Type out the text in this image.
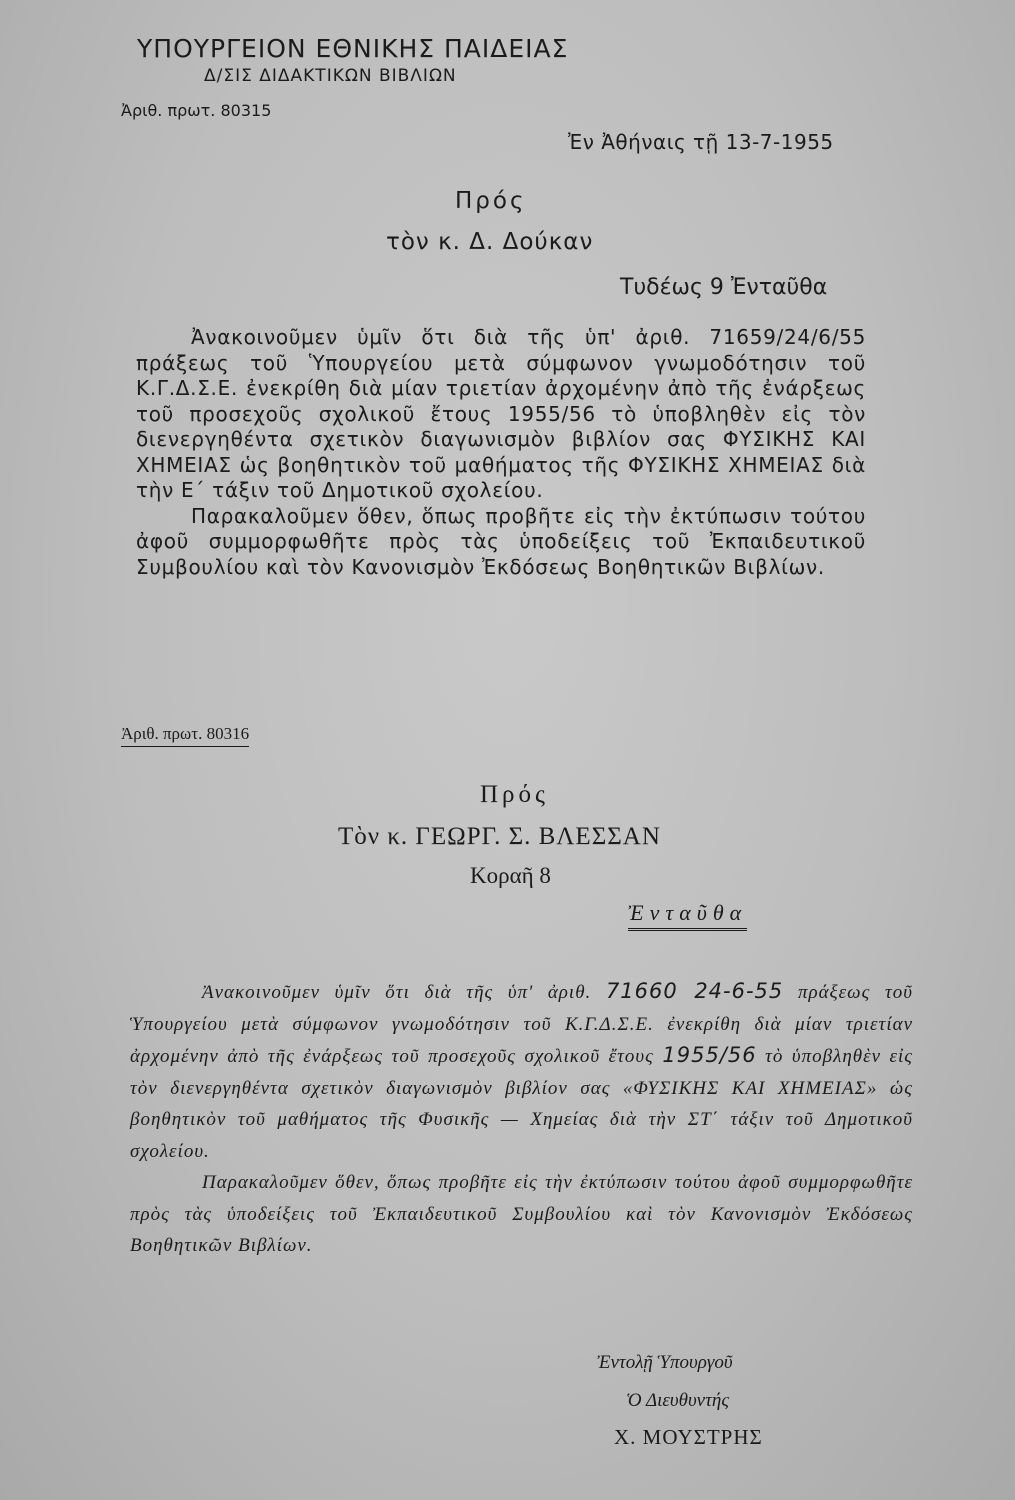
ΥΠΟΥΡΓΕΙΟΝ ΕΘΝΙΚΗΣ ΠΑΙΔΕΙΑΣ
Δ/ΣΙΣ ΔΙΔΑΚΤΙΚΩΝ ΒΙΒΛΙΩΝ
Ἀριθ. πρωτ. 80315
Ἐν Ἀθήναις τῇ 13-7-1955
Πρός
τὸν κ. Δ. Δούκαν
Τυδέως 9 Ἐνταῦθα

Ἀνακοινοῦμεν ὑμῖν ὅτι διὰ τῆς ὑπ' ἀριθ. 71659/24/6/55 πράξεως τοῦ Ὑπουργείου μετὰ σύμφωνον γνωμοδότησιν τοῦ Κ.Γ.Δ.Σ.Ε. ἐνεκρίθη διὰ μίαν τριετίαν ἀρχομένην ἀπὸ τῆς ἐνάρξεως τοῦ προσεχοῦς σχολικοῦ ἔτους 1955/56 τὸ ὑποβληθὲν εἰς τὸν διενεργηθέντα σχετικὸν διαγωνισμὸν βιβλίον σας ΦΥΣΙΚΗΣ ΚΑΙ ΧΗΜΕΙΑΣ ὡς βοηθητικὸν τοῦ μαθήματος τῆς ΦΥΣΙΚΗΣ ΧΗΜΕΙΑΣ διὰ τὴν Ε΄ τάξιν τοῦ Δημοτικοῦ σχολείου.

Παρακαλοῦμεν ὅθεν, ὅπως προβῆτε εἰς τὴν ἐκτύπωσιν τούτου ἀφοῦ συμμορφωθῆτε πρὸς τὰς ὑποδείξεις τοῦ Ἐκπαιδευτικοῦ Συμβουλίου καὶ τὸν Κανονισμὸν Ἐκδόσεως Βοηθητικῶν Βιβλίων.

Ἀριθ. πρωτ. 80316
Πρός
Τὸν κ. ΓΕΩΡΓ. Σ. ΒΛΕΣΣΑΝ
Κοραῆ 8
Ἐνταῦθα

Ἀνακοινοῦμεν ὑμῖν ὅτι διὰ τῆς ὑπ' ἀριθ. 71660 24-6-55 πράξεως τοῦ Ὑπουργείου μετὰ σύμφωνον γνωμοδότησιν τοῦ Κ.Γ.Δ.Σ.Ε. ἐνεκρίθη διὰ μίαν τριετίαν ἀρχομένην ἀπὸ τῆς ἐνάρξεως τοῦ προσεχοῦς σχολικοῦ ἔτους 1955/56 τὸ ὑποβληθὲν εἰς τὸν διενεργηθέντα σχετικὸν διαγωνισμὸν βιβλίον σας «ΦΥΣΙΚΗΣ ΚΑΙ ΧΗΜΕΙΑΣ» ὡς βοηθητικὸν τοῦ μαθήματος τῆς Φυσικῆς — Χημείας διὰ τὴν ΣΤ΄ τάξιν τοῦ Δημοτικοῦ σχολείου.

Παρακαλοῦμεν ὅθεν, ὅπως προβῆτε εἰς τὴν ἐκτύπωσιν τούτου ἀφοῦ συμμορφωθῆτε πρὸς τὰς ὑποδείξεις τοῦ Ἐκπαιδευτικοῦ Συμβουλίου καὶ τὸν Κανονισμὸν Ἐκδόσεως Βοηθητικῶν Βιβλίων.

Ἐντολῇ Ὑπουργοῦ
Ὁ Διευθυντής
Χ. ΜΟΥΣΤΡΗΣ
